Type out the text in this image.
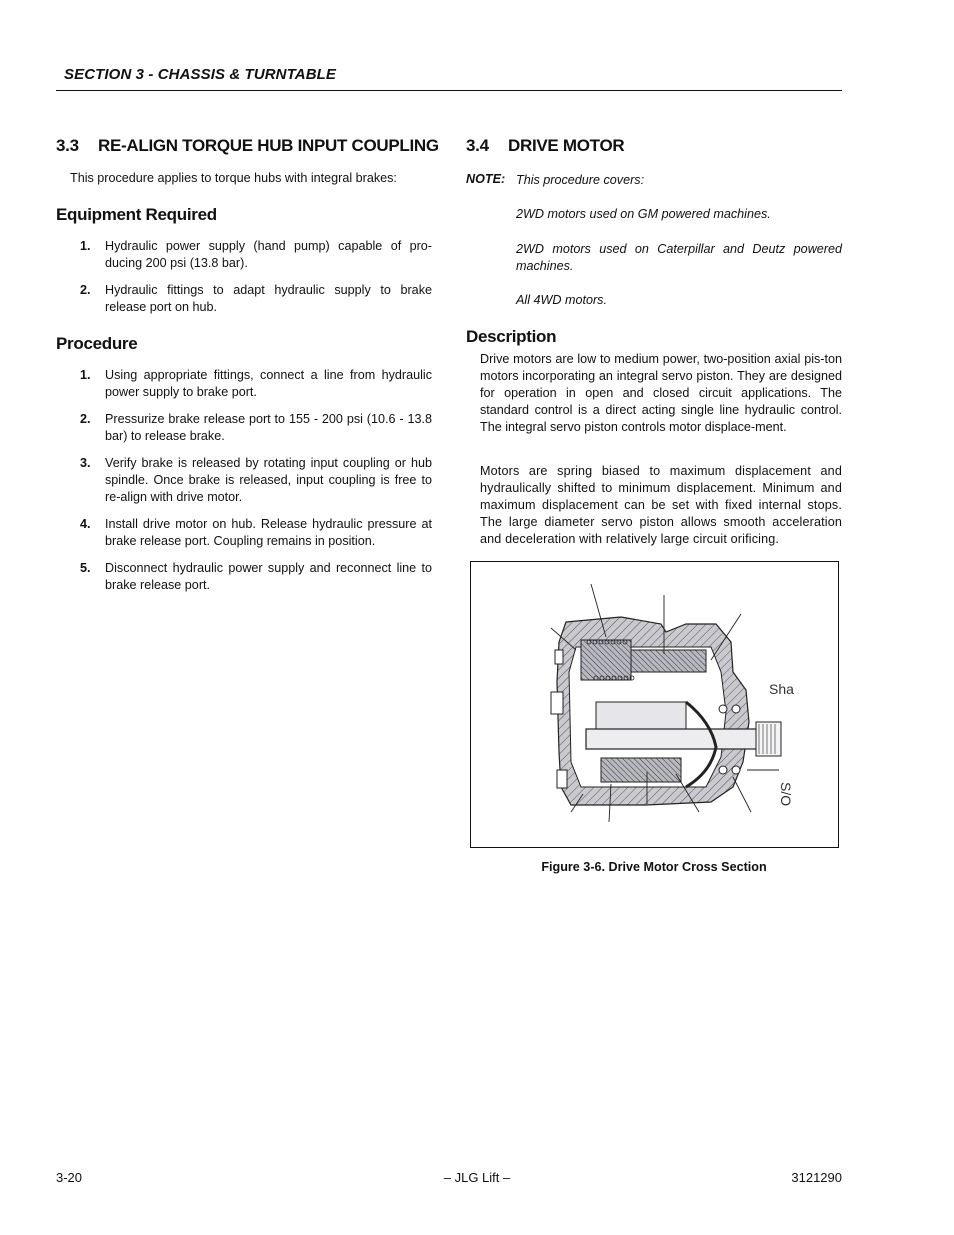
SECTION 3 - CHASSIS & TURNTABLE
3.3 RE-ALIGN TORQUE HUB INPUT COUPLING
This procedure applies to torque hubs with integral brakes:
Equipment Required
1. Hydraulic power supply (hand pump) capable of pro-ducing 200 psi (13.8 bar).
2. Hydraulic fittings to adapt hydraulic supply to brake release port on hub.
Procedure
1. Using appropriate fittings, connect a line from hydraulic power supply to brake port.
2. Pressurize brake release port to 155 - 200 psi (10.6 - 13.8 bar) to release brake.
3. Verify brake is released by rotating input coupling or hub spindle. Once brake is released, input coupling is free to re-align with drive motor.
4. Install drive motor on hub. Release hydraulic pressure at brake release port. Coupling remains in position.
5. Disconnect hydraulic power supply and reconnect line to brake release port.
3.4 DRIVE MOTOR
NOTE: This procedure covers:
2WD motors used on GM powered machines.
2WD motors used on Caterpillar and Deutz powered machines.
All 4WD motors.
Description
Drive motors are low to medium power, two-position axial pis-ton motors incorporating an integral servo piston. They are designed for operation in open and closed circuit applications. The standard control is a direct acting single line hydraulic control. The integral servo piston controls motor displace-ment.
Motors are spring biased to maximum displacement and hydraulically shifted to minimum displacement. Minimum and maximum displacement can be set with fixed internal stops. The large diameter servo piston allows smooth acceleration and deceleration with relatively large circuit orificing.
Sha
S/O
Figure 3-6. Drive Motor Cross Section
3-20	– JLG Lift –	3121290
